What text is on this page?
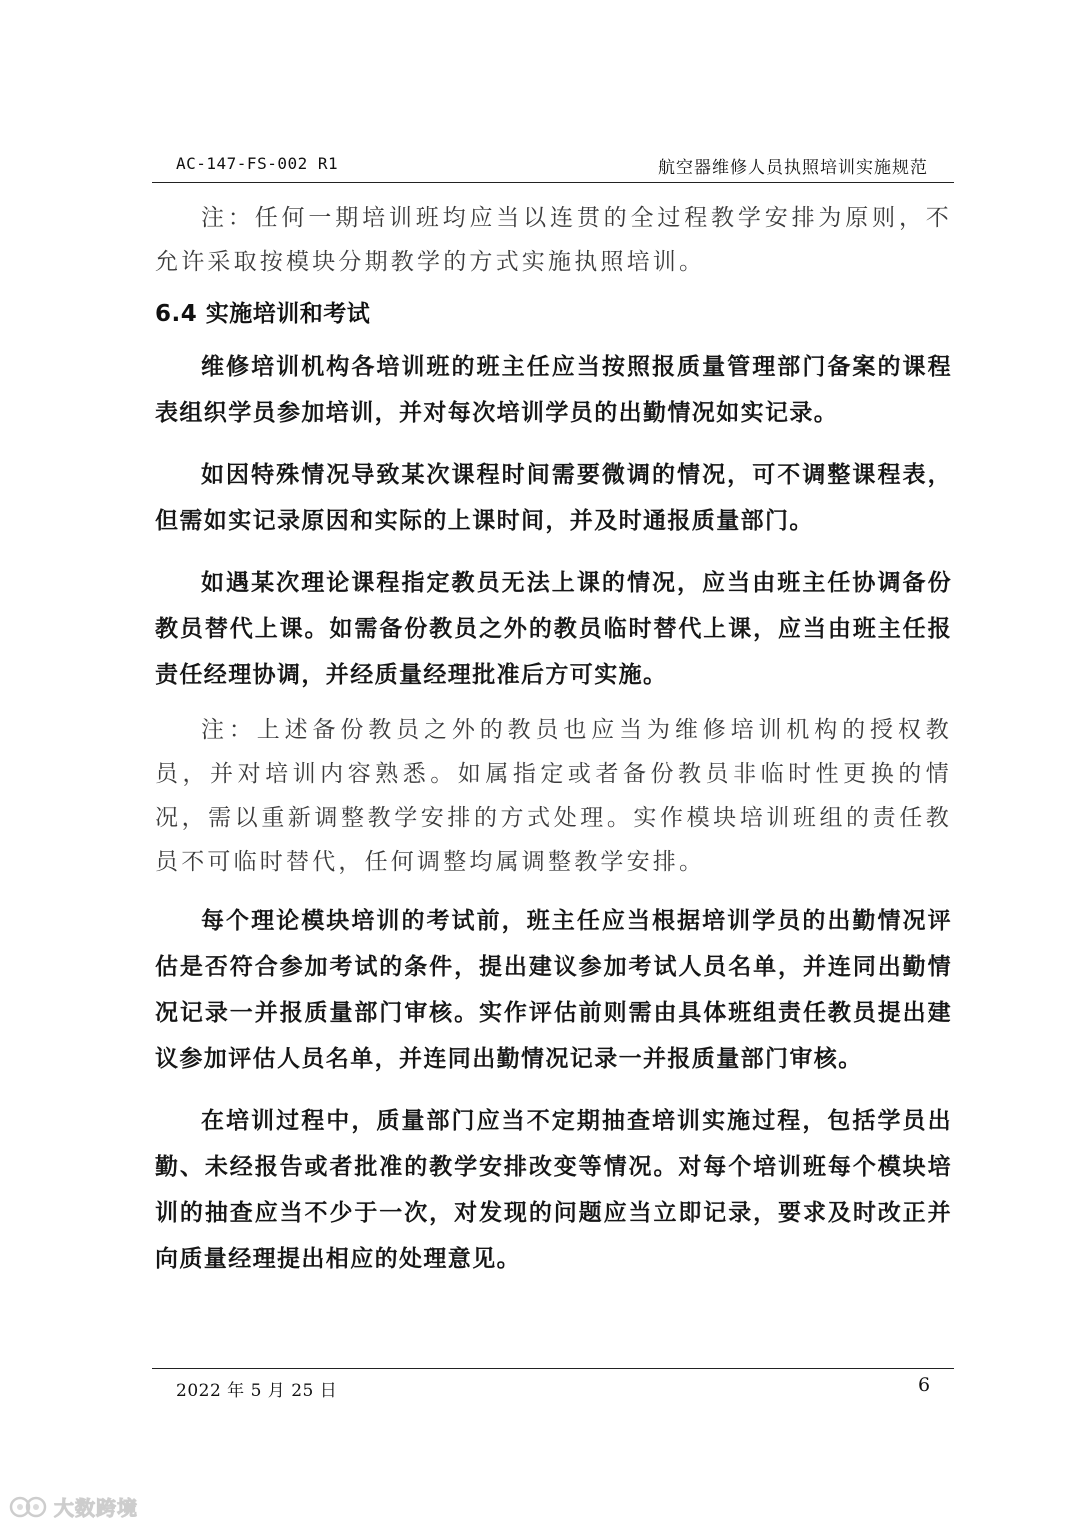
AC-147-FS-002 R1	航空器维修人员执照培训实施规范

注：任何一期培训班均应当以连贯的全过程教学安排为原则，不允许采取按模块分期教学的方式实施执照培训。

6.4 实施培训和考试

维修培训机构各培训班的班主任应当按照报质量管理部门备案的课程表组织学员参加培训，并对每次培训学员的出勤情况如实记录。

如因特殊情况导致某次课程时间需要微调的情况，可不调整课程表，但需如实记录原因和实际的上课时间，并及时通报质量部门。

如遇某次理论课程指定教员无法上课的情况，应当由班主任协调备份教员替代上课。如需备份教员之外的教员临时替代上课，应当由班主任报责任经理协调，并经质量经理批准后方可实施。

注：上述备份教员之外的教员也应当为维修培训机构的授权教员，并对培训内容熟悉。如属指定或者备份教员非临时性更换的情况，需以重新调整教学安排的方式处理。实作模块培训班组的责任教员不可临时替代，任何调整均属调整教学安排。

每个理论模块培训的考试前，班主任应当根据培训学员的出勤情况评估是否符合参加考试的条件，提出建议参加考试人员名单，并连同出勤情况记录一并报质量部门审核。实作评估前则需由具体班组责任教员提出建议参加评估人员名单，并连同出勤情况记录一并报质量部门审核。

在培训过程中，质量部门应当不定期抽查培训实施过程，包括学员出勤、未经报告或者批准的教学安排改变等情况。对每个培训班每个模块培训的抽查应当不少于一次，对发现的问题应当立即记录，要求及时改正并向质量经理提出相应的处理意见。

2022 年 5 月 25 日	6
大数跨境
